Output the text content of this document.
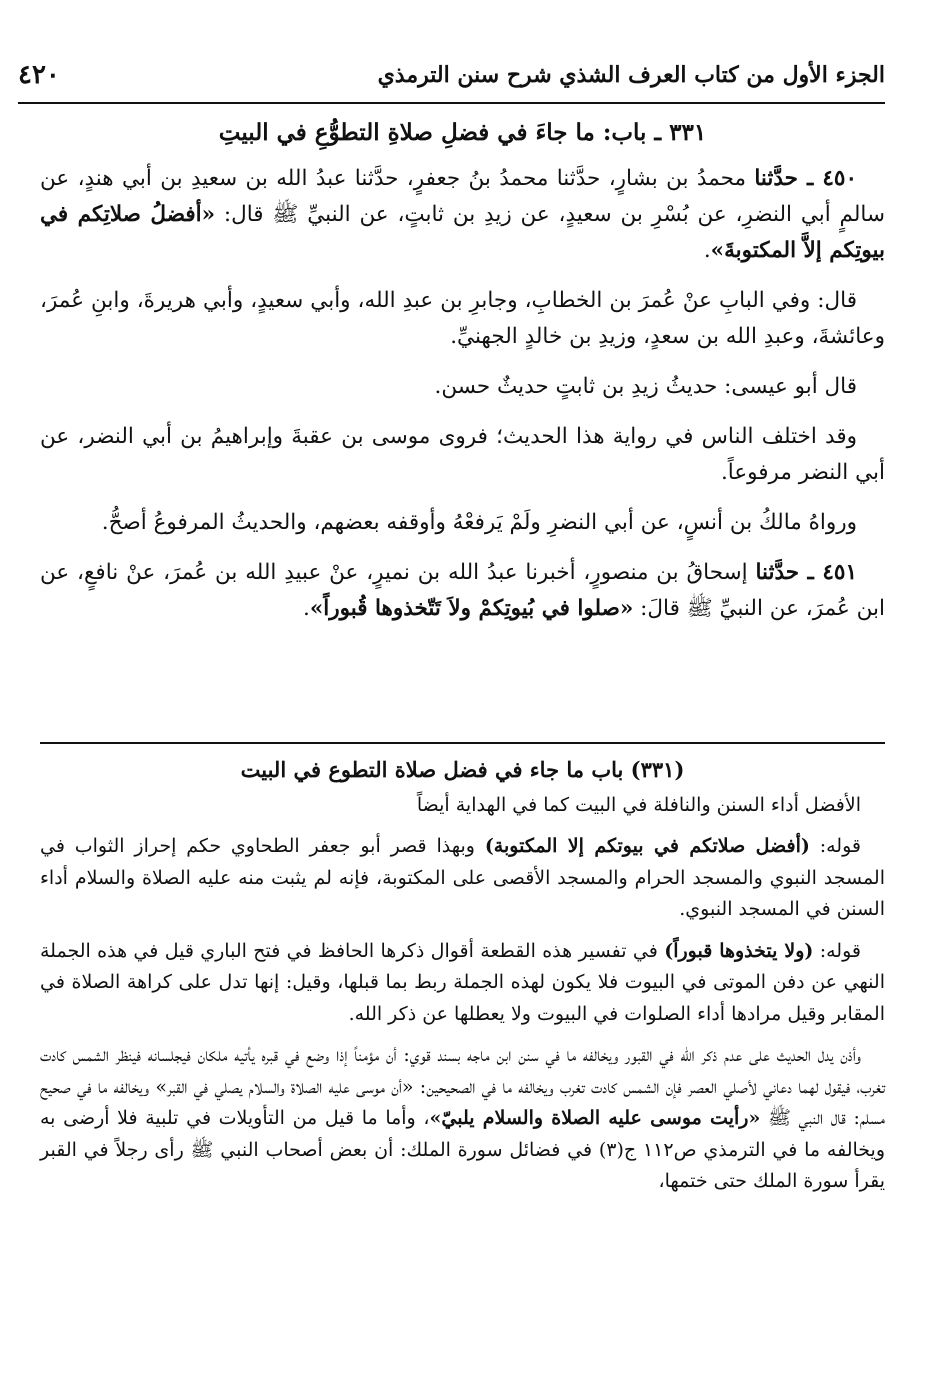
٤٢٠	الجزء الأول من كتاب العرف الشذي شرح سنن الترمذي
٣٣١ ـ باب: ما جاءَ في فضلِ صلاةِ التطوُّعِ في البيتِ

٤٥٠ ـ حدَّثنا محمدُ بن بشارٍ، حدَّثنا محمدُ بنُ جعفرٍ، حدَّثنا عبدُ الله بن سعيدِ بن أبي هندٍ، عن سالمٍ أبي النضرِ، عن بُسْرِ بن سعيدٍ، عن زيدِ بن ثابتٍ، عن النبيِّ ﷺ قال: «أفضلُ صلاتِكم في بيوتِكم إلاَّ المكتوبةَ».

قال: وفي البابِ عنْ عُمرَ بن الخطابِ، وجابرِ بن عبدِ الله، وأبي سعيدٍ، وأبي هريرةَ، وابنِ عُمرَ، وعائشةَ، وعبدِ الله بن سعدٍ، وزيدِ بن خالدٍ الجهنيِّ.

قال أبو عيسى: حديثُ زيدِ بن ثابتٍ حديثٌ حسن.

وقد اختلف الناس في رواية هذا الحديث؛ فروى موسى بن عقبةَ وإبراهيمُ بن أبي النضر، عن أبي النضر مرفوعاً.

ورواهُ مالكُ بن أنسٍ، عن أبي النضرِ ولَمْ يَرفعْهُ وأوقفه بعضهم، والحديثُ المرفوعُ أصحُّ.

٤٥١ ـ حدَّثنا إسحاقُ بن منصورٍ، أخبرنا عبدُ الله بن نميرٍ، عنْ عبيدِ الله بن عُمرَ، عنْ نافعٍ، عن ابن عُمرَ، عن النبيِّ ﷺ قالَ: «صلوا في بُيوتِكمْ ولاَ تَتّخذوها قُبوراً».

(٣٣١) باب ما جاء في فضل صلاة التطوع في البيت

الأفضل أداء السنن والنافلة في البيت كما في الهداية أيضاً

قوله: (أفضل صلاتكم في بيوتكم إلا المكتوبة) وبهذا قصر أبو جعفر الطحاوي حكم إحراز الثواب في المسجد النبوي والمسجد الحرام والمسجد الأقصى على المكتوبة، فإنه لم يثبت منه عليه الصلاة والسلام أداء السنن في المسجد النبوي.

قوله: (ولا يتخذوها قبوراً) في تفسير هذه القطعة أقوال ذكرها الحافظ في فتح الباري قيل في هذه الجملة النهي عن دفن الموتى في البيوت فلا يكون لهذه الجملة ربط بما قبلها، وقيل: إنها تدل على كراهة الصلاة في المقابر وقيل مرادها أداء الصلوات في البيوت ولا يعطلها عن ذكر الله.

وأذن يدل الحديث على عدم ذكر الله في القبور ويخالفه ما في سنن ابن ماجه بسند قوي: أن مؤمناً إذا وضع في قبره يأتيه ملكان فيجلسانه فينظر الشمس كادت تغرب، فيقول لهما دعاني لأصلي العصر فإن الشمس كادت تغرب ويخالفه ما في الصحيحين: «أن موسى عليه الصلاة والسلام يصلي في القبر» ويخالفه ما في صحيح مسلم: قال النبي ﷺ «رأيت موسى عليه الصلاة والسلام يلبيّ»، وأما ما قيل من التأويلات في تلبية فلا أرضى به ويخالفه ما في الترمذي ص١١٢ ج(٣) في فضائل سورة الملك: أن بعض أصحاب النبي ﷺ رأى رجلاً في القبر يقرأ سورة الملك حتى ختمها،
